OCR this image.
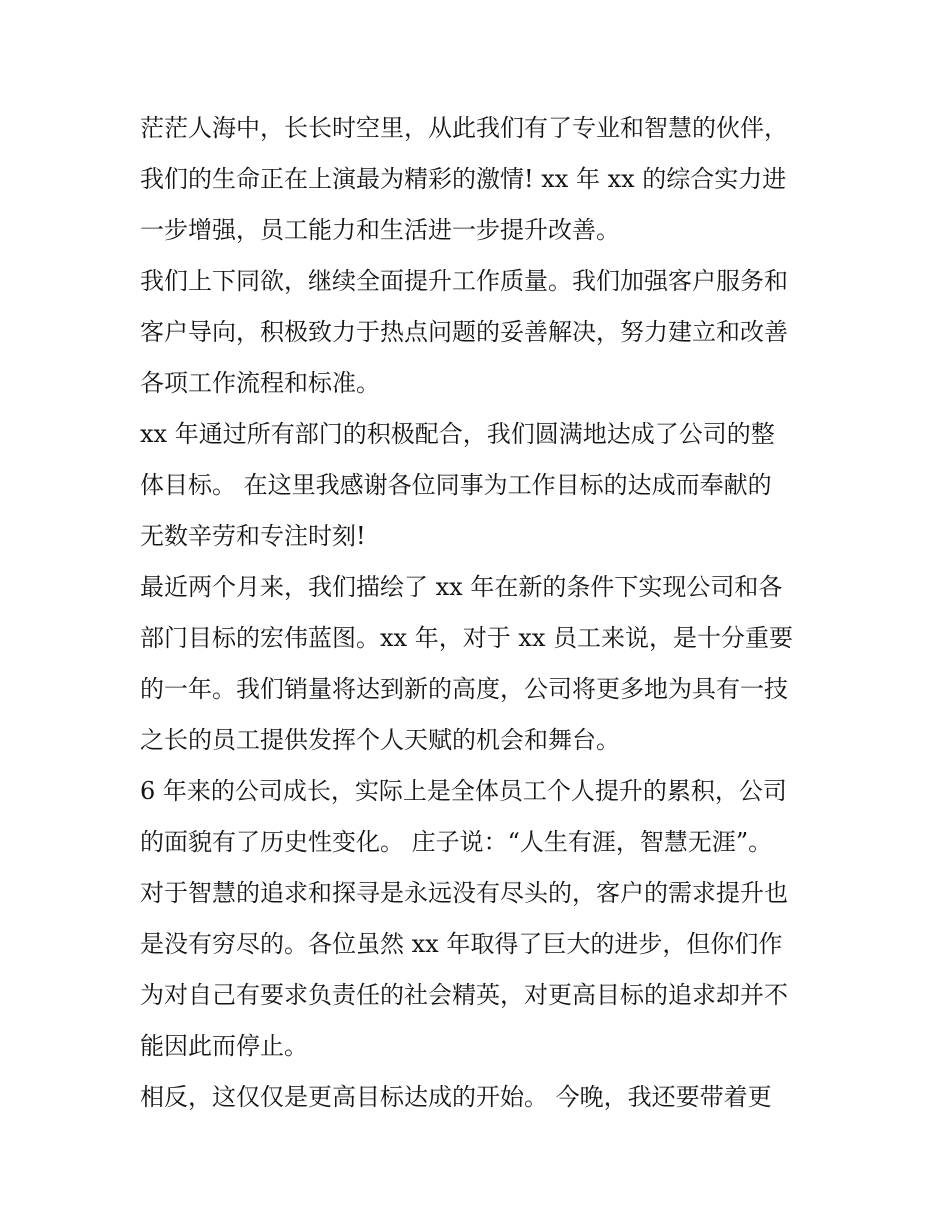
茫茫人海中，长长时空里，从此我们有了专业和智慧的伙伴，
我们的生命正在上演最为精彩的激情! xx 年 xx 的综合实力进
一步增强，员工能力和生活进一步提升改善。
我们上下同欲，继续全面提升工作质量。我们加强客户服务和
客户导向，积极致力于热点问题的妥善解决，努力建立和改善
各项工作流程和标准。
xx 年通过所有部门的积极配合，我们圆满地达成了公司的整
体目标。 在这里我感谢各位同事为工作目标的达成而奉献的
无数辛劳和专注时刻!
最近两个月来，我们描绘了 xx 年在新的条件下实现公司和各
部门目标的宏伟蓝图。xx 年，对于 xx 员工来说，是十分重要
的一年。我们销量将达到新的高度，公司将更多地为具有一技
之长的员工提供发挥个人天赋的机会和舞台。
6 年来的公司成长，实际上是全体员工个人提升的累积，公司
的面貌有了历史性变化。 庄子说：“人生有涯，智慧无涯”。
对于智慧的追求和探寻是永远没有尽头的，客户的需求提升也
是没有穷尽的。各位虽然 xx 年取得了巨大的进步，但你们作
为对自己有要求负责任的社会精英，对更高目标的追求却并不
能因此而停止。
相反，这仅仅是更高目标达成的开始。 今晚，我还要带着更
